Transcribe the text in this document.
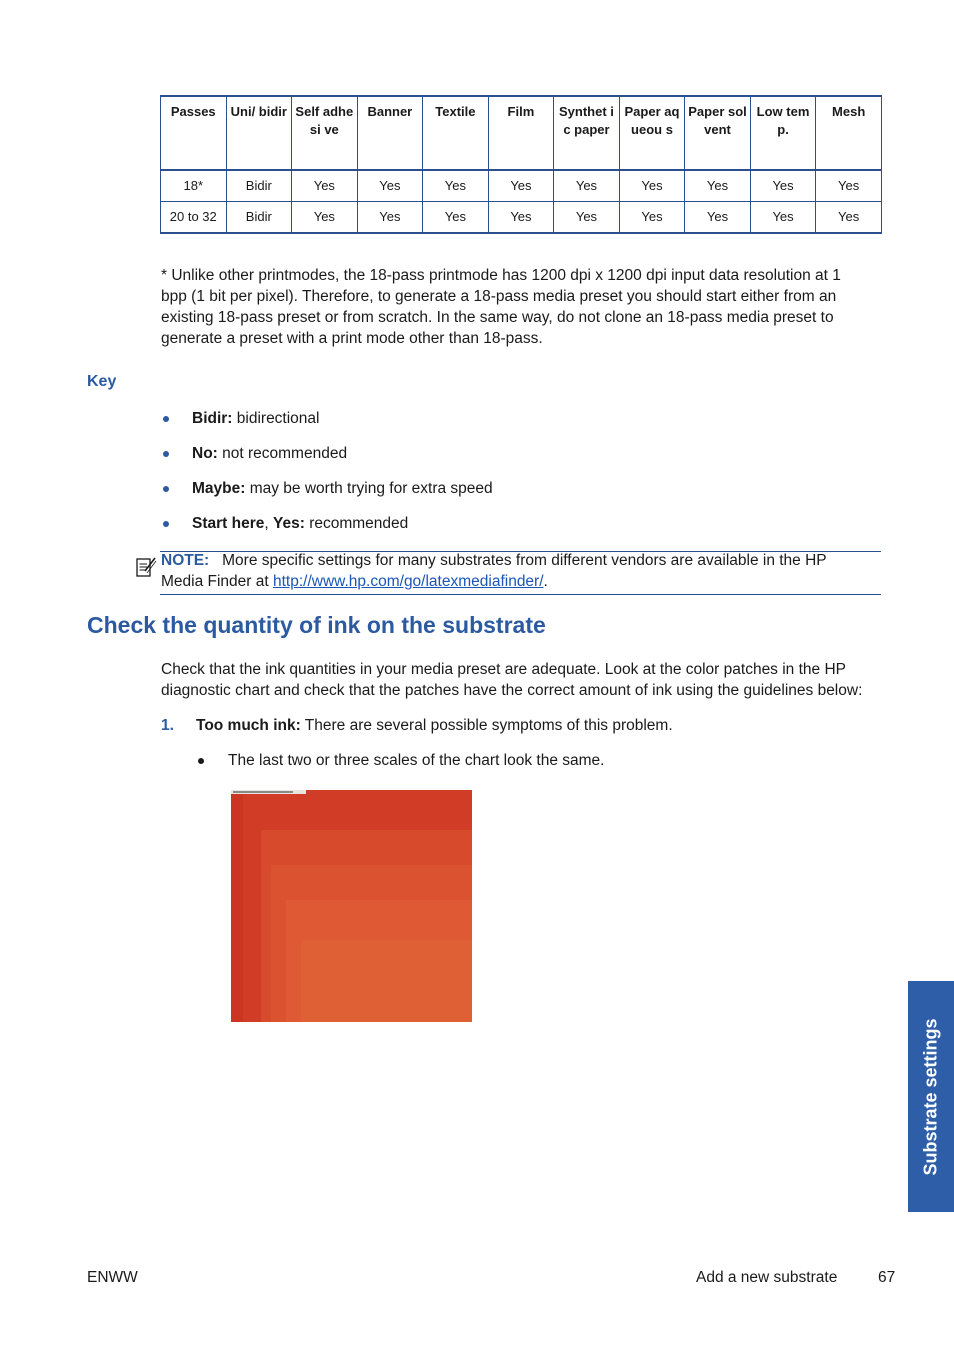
Passes	Uni/ bidir	Self adhesi ve	Banner	Textile	Film	Synthet ic paper	Paper aqueou s	Paper solvent	Low temp.	Mesh
18*	Bidir	Yes	Yes	Yes	Yes	Yes	Yes	Yes	Yes	Yes
20 to 32	Bidir	Yes	Yes	Yes	Yes	Yes	Yes	Yes	Yes	Yes
* Unlike other printmodes, the 18-pass printmode has 1200 dpi x 1200 dpi input data resolution at 1
bpp (1 bit per pixel). Therefore, to generate a 18-pass media preset you should start either from an
existing 18-pass preset or from scratch. In the same way, do not clone an 18-pass media preset to
generate a preset with a print mode other than 18-pass.
Key
Bidir: bidirectional
No: not recommended
Maybe: may be worth trying for extra speed
Start here, Yes: recommended
NOTE: More specific settings for many substrates from different vendors are available in the HP
Media Finder at http://www.hp.com/go/latexmediafinder/.
Check the quantity of ink on the substrate
Check that the ink quantities in your media preset are adequate. Look at the color patches in the HP
diagnostic chart and check that the patches have the correct amount of ink using the guidelines below:
1. Too much ink: There are several possible symptoms of this problem.
The last two or three scales of the chart look the same.
Substrate settings
ENWW	Add a new substrate	67
